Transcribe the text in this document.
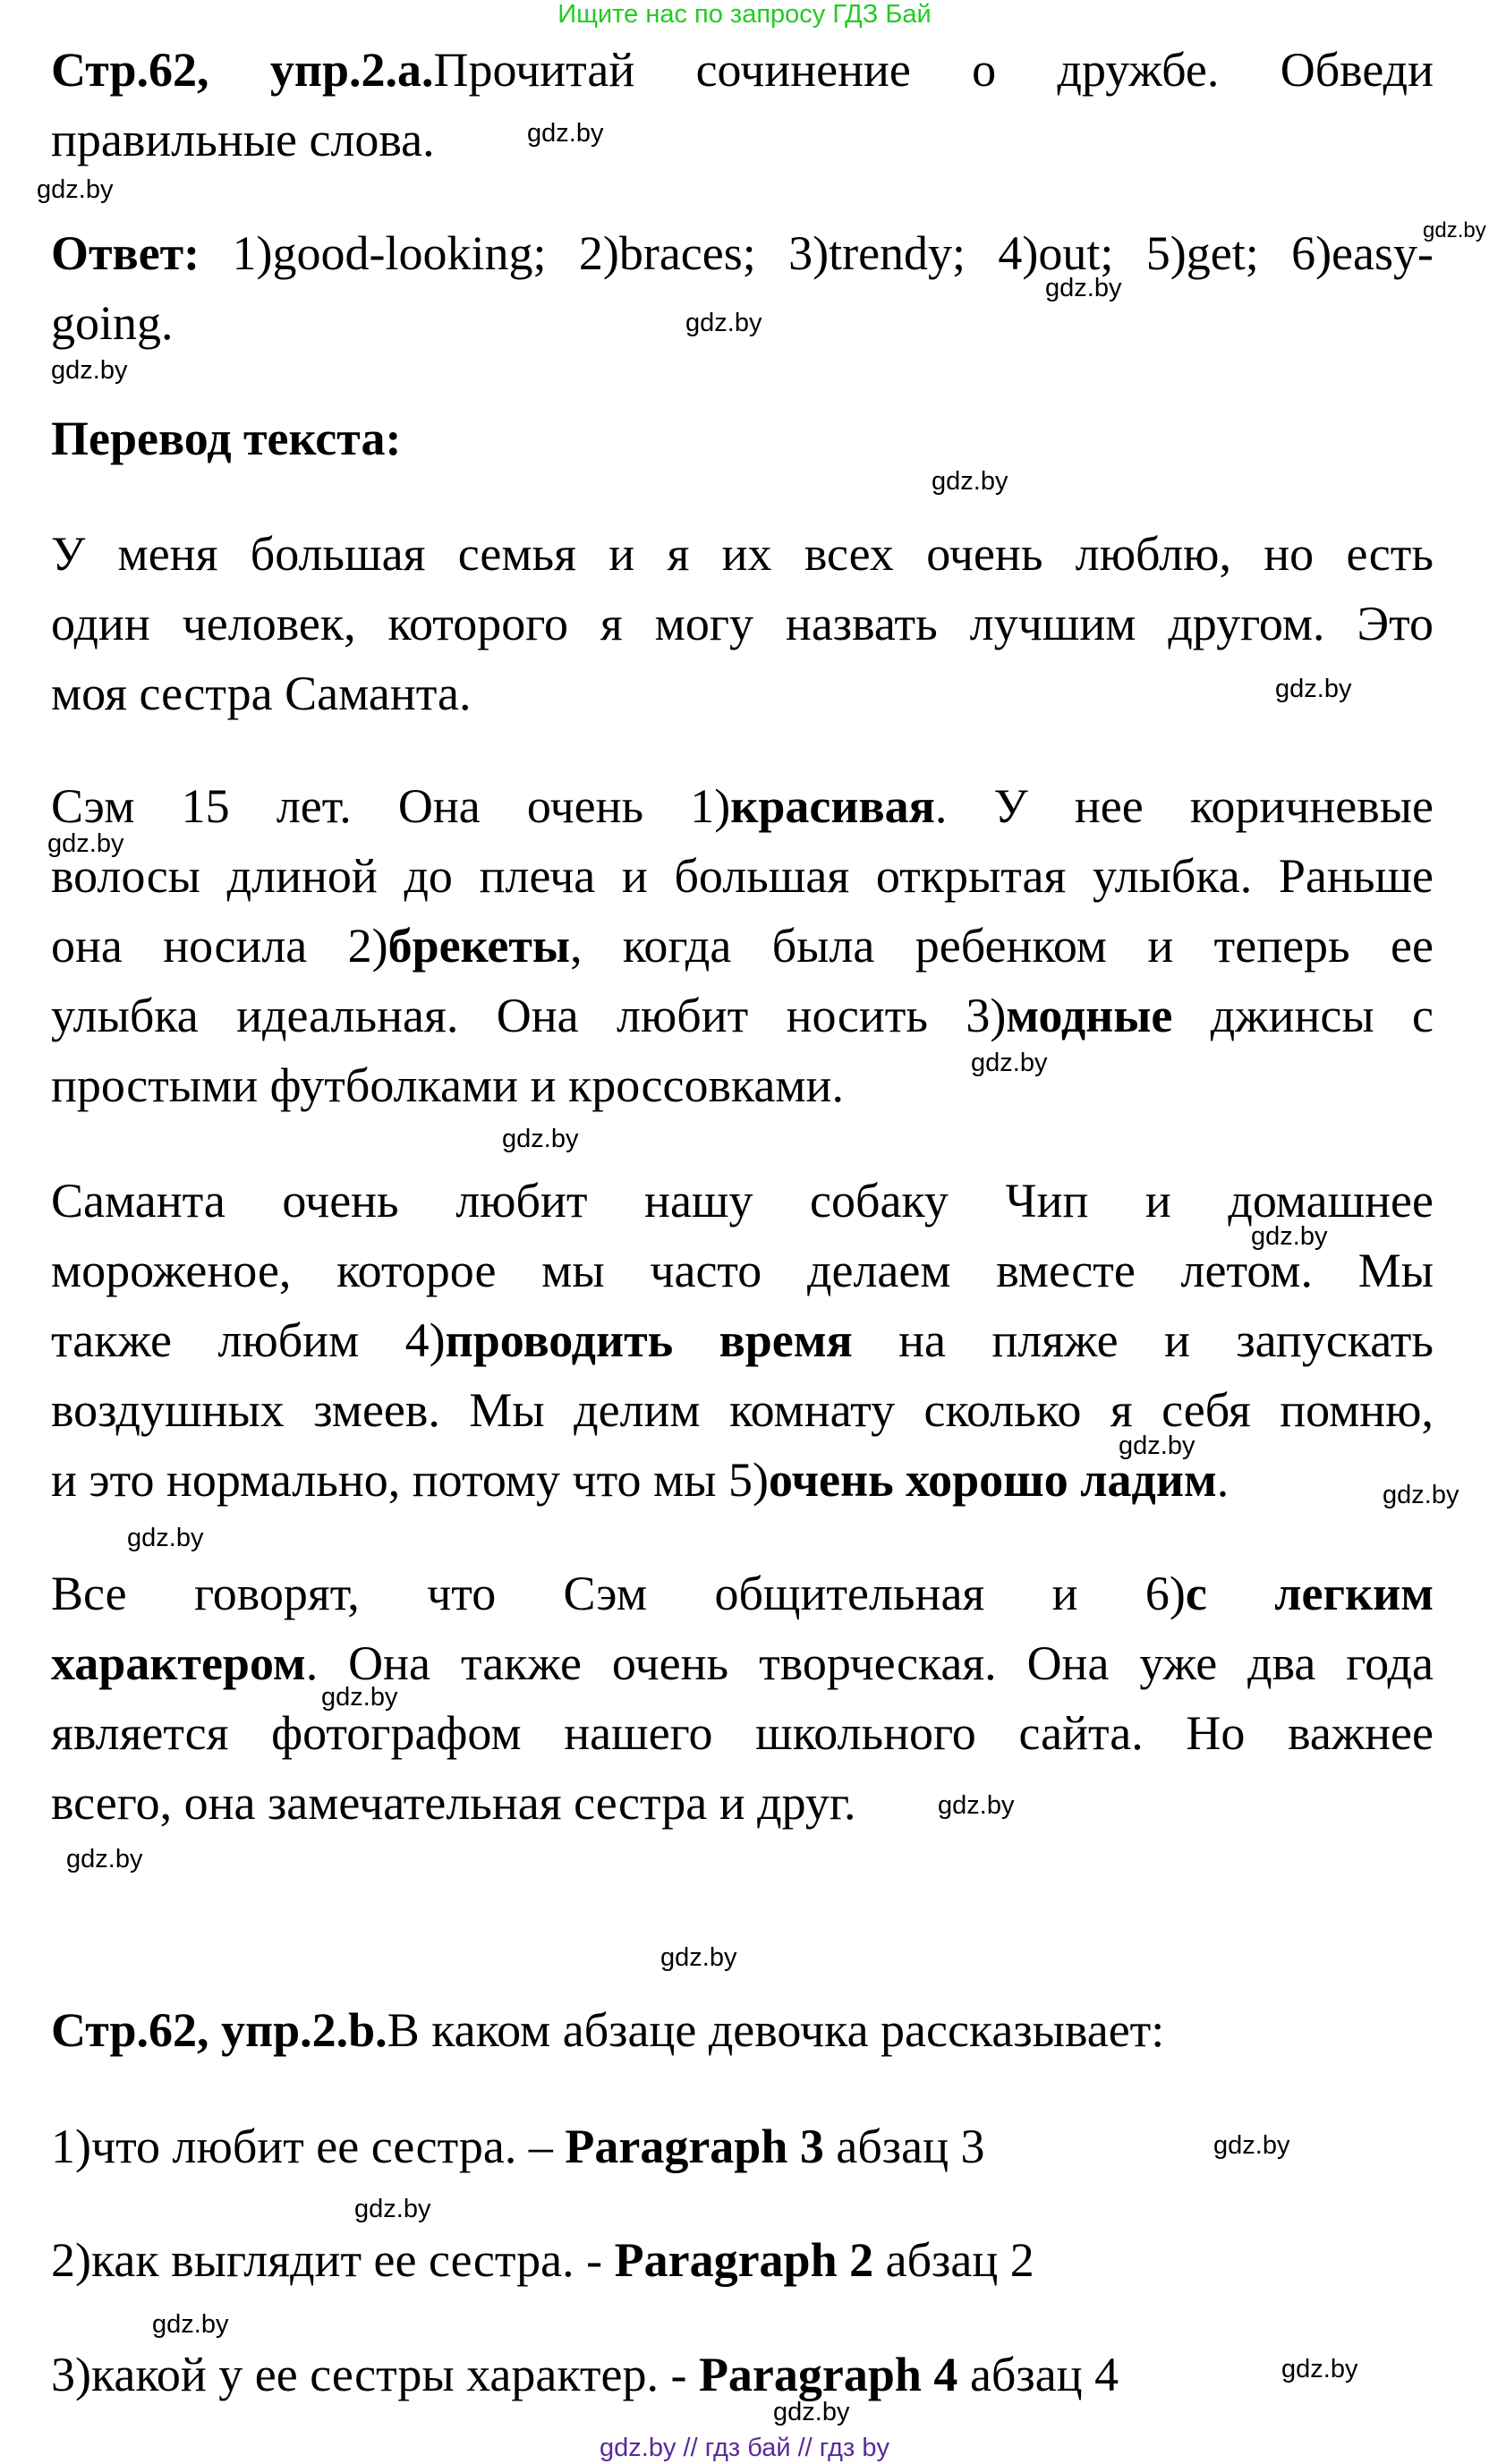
Ищите нас по запросу ГДЗ Бай
Стр.62, упр.2.a.Прочитай сочинение о дружбе. Обведи
правильные слова.
Ответ: 1)good-looking; 2)braces; 3)trendy; 4)out; 5)get; 6)easy-
going.
Перевод текста:
У меня большая семья и я их всех очень люблю, но есть
один человек, которого я могу назвать лучшим другом. Это
моя сестра Саманта.
Сэм 15 лет. Она очень 1)красивая. У нее коричневые
волосы длиной до плеча и большая открытая улыбка. Раньше
она носила 2)брекеты, когда была ребенком и теперь ее
улыбка идеальная. Она любит носить 3)модные джинсы с
простыми футболками и кроссовками.
Саманта очень любит нашу собаку Чип и домашнее
мороженое, которое мы часто делаем вместе летом. Мы
также любим 4)проводить время на пляже и запускать
воздушных змеев. Мы делим комнату сколько я себя помню,
и это нормально, потому что мы 5)очень хорошо ладим.
Все говорят, что Сэм общительная и 6)с легким
характером. Она также очень творческая. Она уже два года
является фотографом нашего школьного сайта. Но важнее
всего, она замечательная сестра и друг.
Стр.62, упр.2.b.В каком абзаце девочка рассказывает:
1)что любит ее сестра. – Paragraph 3 абзац 3
2)как выглядит ее сестра. - Paragraph 2 абзац 2
3)какой у ее сестры характер. - Paragraph 4 абзац 4
gdz.by
gdz.by
gdz.by
gdz.by
gdz.by
gdz.by
gdz.by
gdz.by
gdz.by
gdz.by
gdz.by
gdz.by
gdz.by
gdz.by
gdz.by
gdz.by
gdz.by
gdz.by
gdz.by
gdz.by
gdz.by
gdz.by
gdz.by
gdz.by
gdz.by // гдз бай // гдз by
